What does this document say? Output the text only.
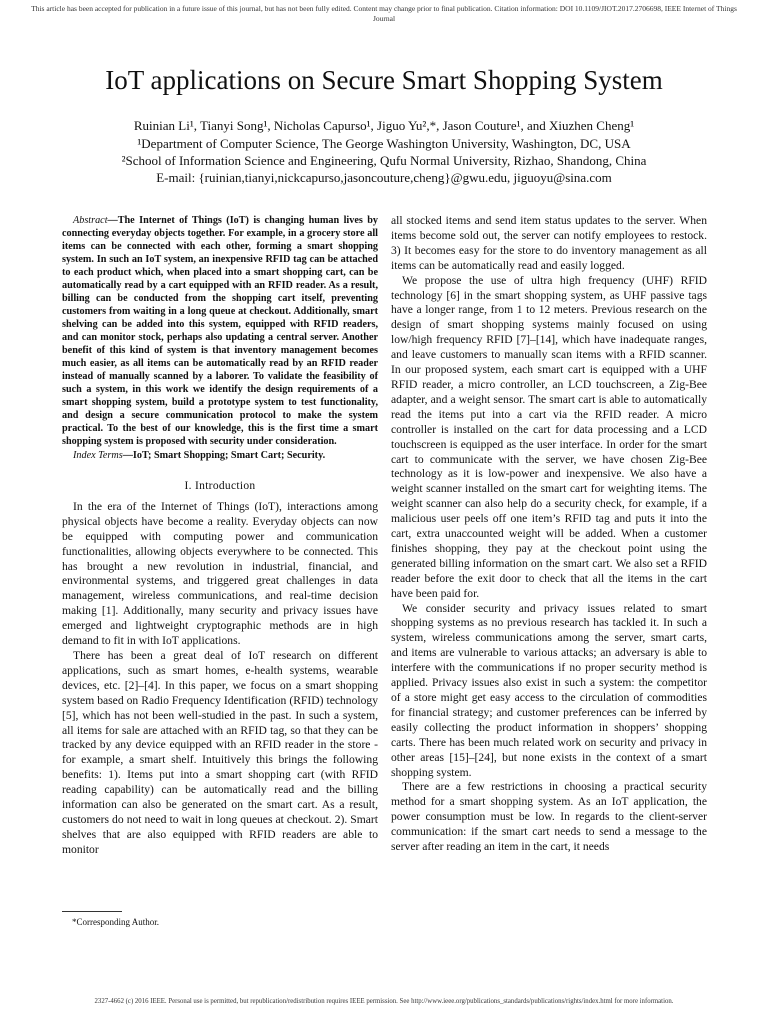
This article has been accepted for publication in a future issue of this journal, but has not been fully edited. Content may change prior to final publication. Citation information: DOI 10.1109/JIOT.2017.2706698, IEEE Internet of Things Journal
IoT applications on Secure Smart Shopping System
Ruinian Li¹, Tianyi Song¹, Nicholas Capurso¹, Jiguo Yu²,*, Jason Couture¹, and Xiuzhen Cheng¹
¹Department of Computer Science, The George Washington University, Washington, DC, USA
²School of Information Science and Engineering, Qufu Normal University, Rizhao, Shandong, China
E-mail: {ruinian,tianyi,nickcapurso,jasoncouture,cheng}@gwu.edu, jiguoyu@sina.com

Abstract—The Internet of Things (IoT) is changing human lives by connecting everyday objects together. For example, in a grocery store all items can be connected with each other, forming a smart shopping system. In such an IoT system, an inexpensive RFID tag can be attached to each product which, when placed into a smart shopping cart, can be automatically read by a cart equipped with an RFID reader. As a result, billing can be conducted from the shopping cart itself, preventing customers from waiting in a long queue at checkout. Additionally, smart shelving can be added into this system, equipped with RFID readers, and can monitor stock, perhaps also updating a central server. Another benefit of this kind of system is that inventory management becomes much easier, as all items can be automatically read by an RFID reader instead of manually scanned by a laborer. To validate the feasibility of such a system, in this work we identify the design requirements of a smart shopping system, build a prototype system to test functionality, and design a secure communication protocol to make the system practical. To the best of our knowledge, this is the first time a smart shopping system is proposed with security under consideration.

Index Terms—IoT; Smart Shopping; Smart Cart; Security.

I. Introduction

In the era of the Internet of Things (IoT), interactions among physical objects have become a reality. Everyday objects can now be equipped with computing power and communication functionalities, allowing objects everywhere to be connected. This has brought a new revolution in industrial, financial, and environmental systems, and triggered great challenges in data management, wireless communications, and real-time decision making [1]. Additionally, many security and privacy issues have emerged and lightweight cryptographic methods are in high demand to fit in with IoT applications.

There has been a great deal of IoT research on different applications, such as smart homes, e-health systems, wearable devices, etc. [2]–[4]. In this paper, we focus on a smart shopping system based on Radio Frequency Identification (RFID) technology [5], which has not been well-studied in the past. In such a system, all items for sale are attached with an RFID tag, so that they can be tracked by any device equipped with an RFID reader in the store - for example, a smart shelf. Intuitively this brings the following benefits: 1). Items put into a smart shopping cart (with RFID reading capability) can be automatically read and the billing information can also be generated on the smart cart. As a result, customers do not need to wait in long queues at checkout. 2). Smart shelves that are also equipped with RFID readers are able to monitor

all stocked items and send item status updates to the server. When items become sold out, the server can notify employees to restock. 3) It becomes easy for the store to do inventory management as all items can be automatically read and easily logged.

We propose the use of ultra high frequency (UHF) RFID technology [6] in the smart shopping system, as UHF passive tags have a longer range, from 1 to 12 meters. Previous research on the design of smart shopping systems mainly focused on using low/high frequency RFID [7]–[14], which have inadequate ranges, and leave customers to manually scan items with a RFID scanner. In our proposed system, each smart cart is equipped with a UHF RFID reader, a micro controller, an LCD touchscreen, a Zig-Bee adapter, and a weight sensor. The smart cart is able to automatically read the items put into a cart via the RFID reader. A micro controller is installed on the cart for data processing and a LCD touchscreen is equipped as the user interface. In order for the smart cart to communicate with the server, we have chosen Zig-Bee technology as it is low-power and inexpensive. We also have a weight scanner installed on the smart cart for weighting items. The weight scanner can also help do a security check, for example, if a malicious user peels off one item’s RFID tag and puts it into the cart, extra unaccounted weight will be added. When a customer finishes shopping, they pay at the checkout point using the generated billing information on the smart cart. We also set a RFID reader before the exit door to check that all the items in the cart have been paid for.

We consider security and privacy issues related to smart shopping systems as no previous research has tackled it. In such a system, wireless communications among the server, smart carts, and items are vulnerable to various attacks; an adversary is able to interfere with the communications if no proper security method is applied. Privacy issues also exist in such a system: the competitor of a store might get easy access to the circulation of commodities for financial strategy; and customer preferences can be inferred by easily collecting the product information in shoppers’ shopping carts. There has been much related work on security and privacy in other areas [15]–[24], but none exists in the context of a smart shopping system.

There are a few restrictions in choosing a practical security method for a smart shopping system. As an IoT application, the power consumption must be low. In regards to the client-server communication: if the smart cart needs to send a message to the server after reading an item in the cart, it needs

*Corresponding Author.
2327-4662 (c) 2016 IEEE. Personal use is permitted, but republication/redistribution requires IEEE permission. See http://www.ieee.org/publications_standards/publications/rights/index.html for more information.
